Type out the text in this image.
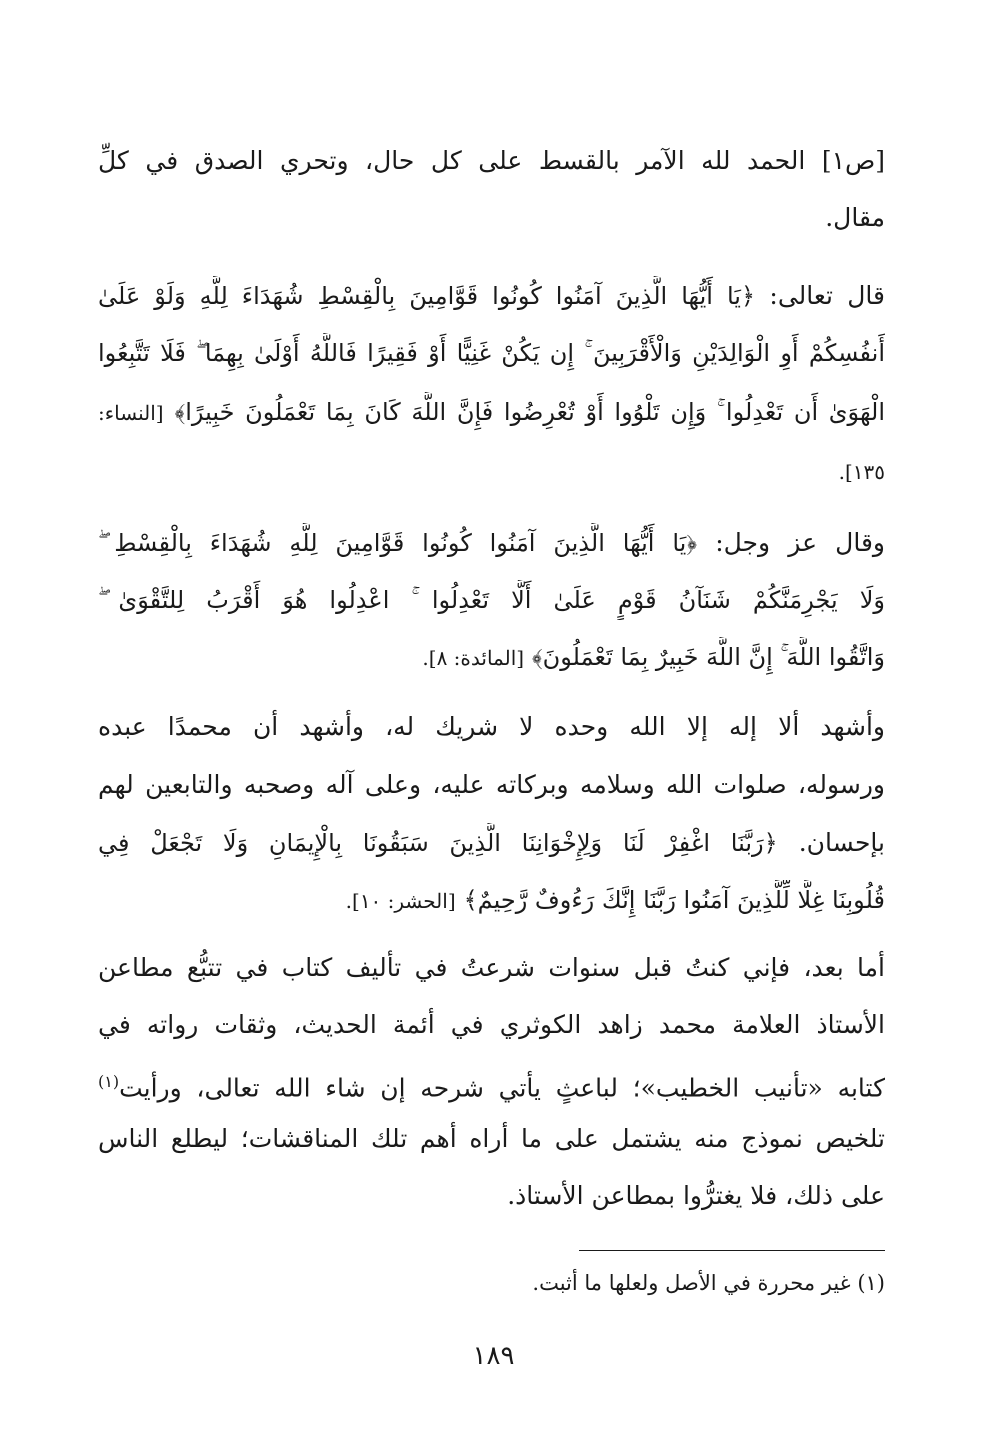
[ص١] الحمد لله الآمر بالقسط على كل حال، وتحري الصدق في كلِّ
مقال.
قال تعالى: ﴿يَا أَيُّهَا الَّذِينَ آمَنُوا كُونُوا قَوَّامِينَ بِالْقِسْطِ شُهَدَاءَ لِلَّهِ وَلَوْ عَلَىٰ
أَنفُسِكُمْ أَوِ الْوَالِدَيْنِ وَالْأَقْرَبِينَ ۚ إِن يَكُنْ غَنِيًّا أَوْ فَقِيرًا فَاللَّهُ أَوْلَىٰ بِهِمَا ۖ فَلَا تَتَّبِعُوا
الْهَوَىٰ أَن تَعْدِلُوا ۚ وَإِن تَلْوُوا أَوْ تُعْرِضُوا فَإِنَّ اللَّهَ كَانَ بِمَا تَعْمَلُونَ خَبِيرًا﴾ [النساء:
١٣٥].
وقال عز وجل: ﴿يَا أَيُّهَا الَّذِينَ آمَنُوا كُونُوا قَوَّامِينَ لِلَّهِ شُهَدَاءَ بِالْقِسْطِ ۖ
وَلَا يَجْرِمَنَّكُمْ شَنَآنُ قَوْمٍ عَلَىٰ أَلَّا تَعْدِلُوا ۚ اعْدِلُوا هُوَ أَقْرَبُ لِلتَّقْوَىٰ ۖ
وَاتَّقُوا اللَّهَ ۚ إِنَّ اللَّهَ خَبِيرٌ بِمَا تَعْمَلُونَ﴾ [المائدة: ٨].
وأشهد ألا إله إلا الله وحده لا شريك له، وأشهد أن محمدًا عبده
ورسوله، صلوات الله وسلامه وبركاته عليه، وعلى آله وصحبه والتابعين لهم
بإحسان. ﴿رَبَّنَا اغْفِرْ لَنَا وَلِإِخْوَانِنَا الَّذِينَ سَبَقُونَا بِالْإِيمَانِ وَلَا تَجْعَلْ فِي
قُلُوبِنَا غِلًّا لِّلَّذِينَ آمَنُوا رَبَّنَا إِنَّكَ رَءُوفٌ رَّحِيمٌ﴾ [الحشر: ١٠].
أما بعد، فإني كنتُ قبل سنوات شرعتُ في تأليف كتاب في تتبُّع مطاعن
الأستاذ العلامة محمد زاهد الكوثري في أئمة الحديث، وثقات رواته في
كتابه «تأنيب الخطيب»؛ لباعثٍ يأتي شرحه إن شاء الله تعالى، ورأيت$^{(١)}$
تلخيص نموذج منه يشتمل على ما أراه أهم تلك المناقشات؛ ليطلع الناس
على ذلك، فلا يغترُّوا بمطاعن الأستاذ.
(١) غير محررة في الأصل ولعلها ما أثبت.
١٨٩
